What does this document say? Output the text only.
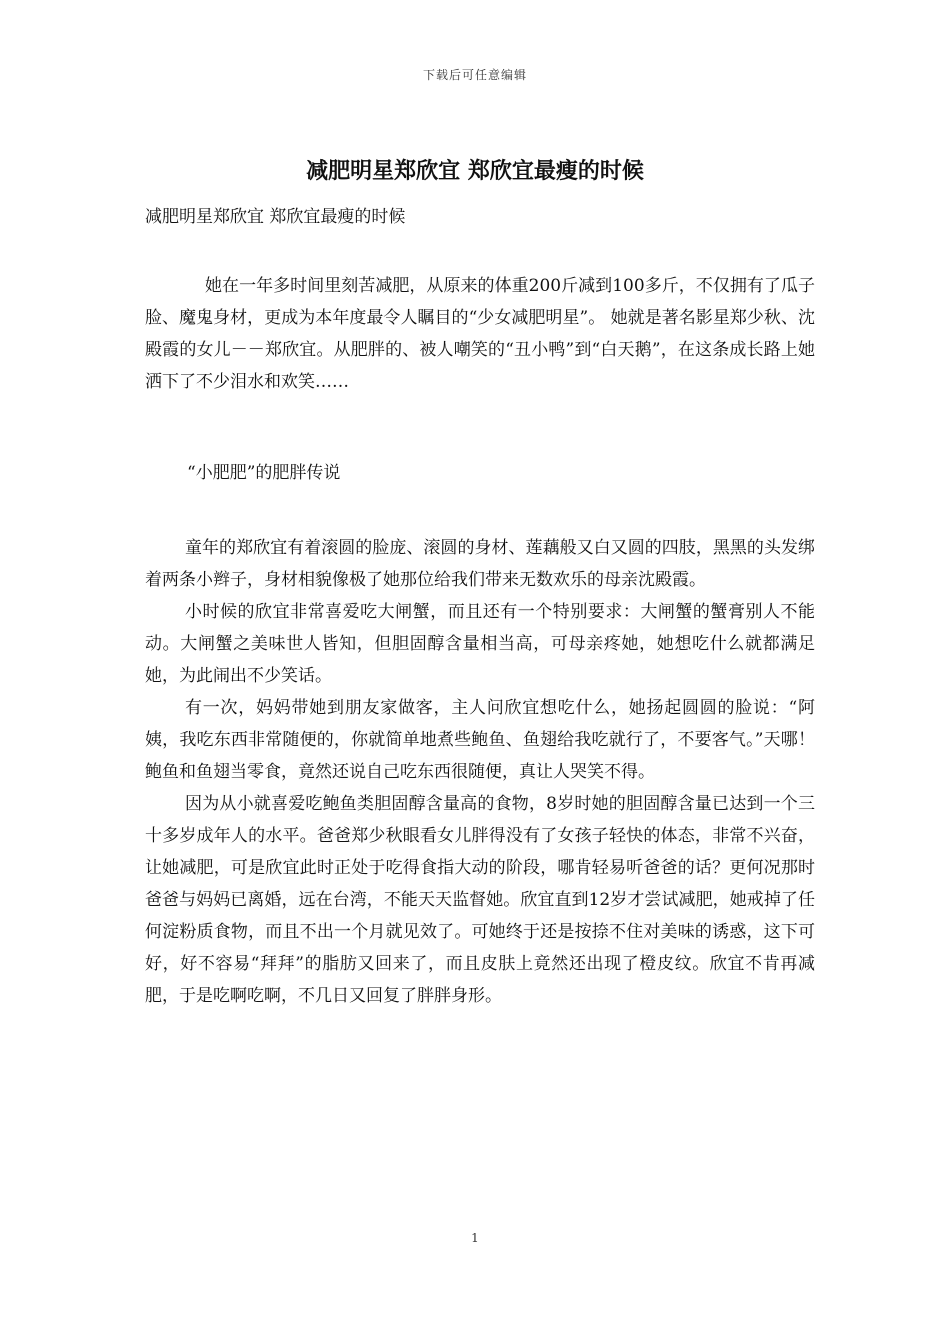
下载后可任意编辑
减肥明星郑欣宜 郑欣宜最瘦的时候
减肥明星郑欣宜 郑欣宜最瘦的时候
她在一年多时间里刻苦减肥，从原来的体重200斤减到100多斤，不仅拥有了瓜子脸、魔鬼身材，更成为本年度最令人瞩目的“少女减肥明星”。 她就是著名影星郑少秋、沈殿霞的女儿－－郑欣宜。从肥胖的、被人嘲笑的“丑小鸭”到“白天鹅”，在这条成长路上她洒下了不少泪水和欢笑……
“小肥肥”的肥胖传说

童年的郑欣宜有着滚圆的脸庞、滚圆的身材、莲藕般又白又圆的四肢，黑黑的头发绑着两条小辫子，身材相貌像极了她那位给我们带来无数欢乐的母亲沈殿霞。

小时候的欣宜非常喜爱吃大闸蟹，而且还有一个特别要求：大闸蟹的蟹膏别人不能动。大闸蟹之美味世人皆知，但胆固醇含量相当高，可母亲疼她，她想吃什么就都满足她，为此闹出不少笑话。

有一次，妈妈带她到朋友家做客，主人问欣宜想吃什么，她扬起圆圆的脸说：“阿姨，我吃东西非常随便的，你就简单地煮些鲍鱼、鱼翅给我吃就行了，不要客气。”天哪！鲍鱼和鱼翅当零食，竟然还说自己吃东西很随便，真让人哭笑不得。

因为从小就喜爱吃鲍鱼类胆固醇含量高的食物，8岁时她的胆固醇含量已达到一个三十多岁成年人的水平。爸爸郑少秋眼看女儿胖得没有了女孩子轻快的体态，非常不兴奋，让她减肥，可是欣宜此时正处于吃得食指大动的阶段，哪肯轻易听爸爸的话？更何况那时爸爸与妈妈已离婚，远在台湾，不能天天监督她。欣宜直到12岁才尝试减肥，她戒掉了任何淀粉质食物，而且不出一个月就见效了。可她终于还是按捺不住对美味的诱惑，这下可好，好不容易“拜拜”的脂肪又回来了，而且皮肤上竟然还出现了橙皮纹。欣宜不肯再减肥，于是吃啊吃啊，不几日又回复了胖胖身形。

1
